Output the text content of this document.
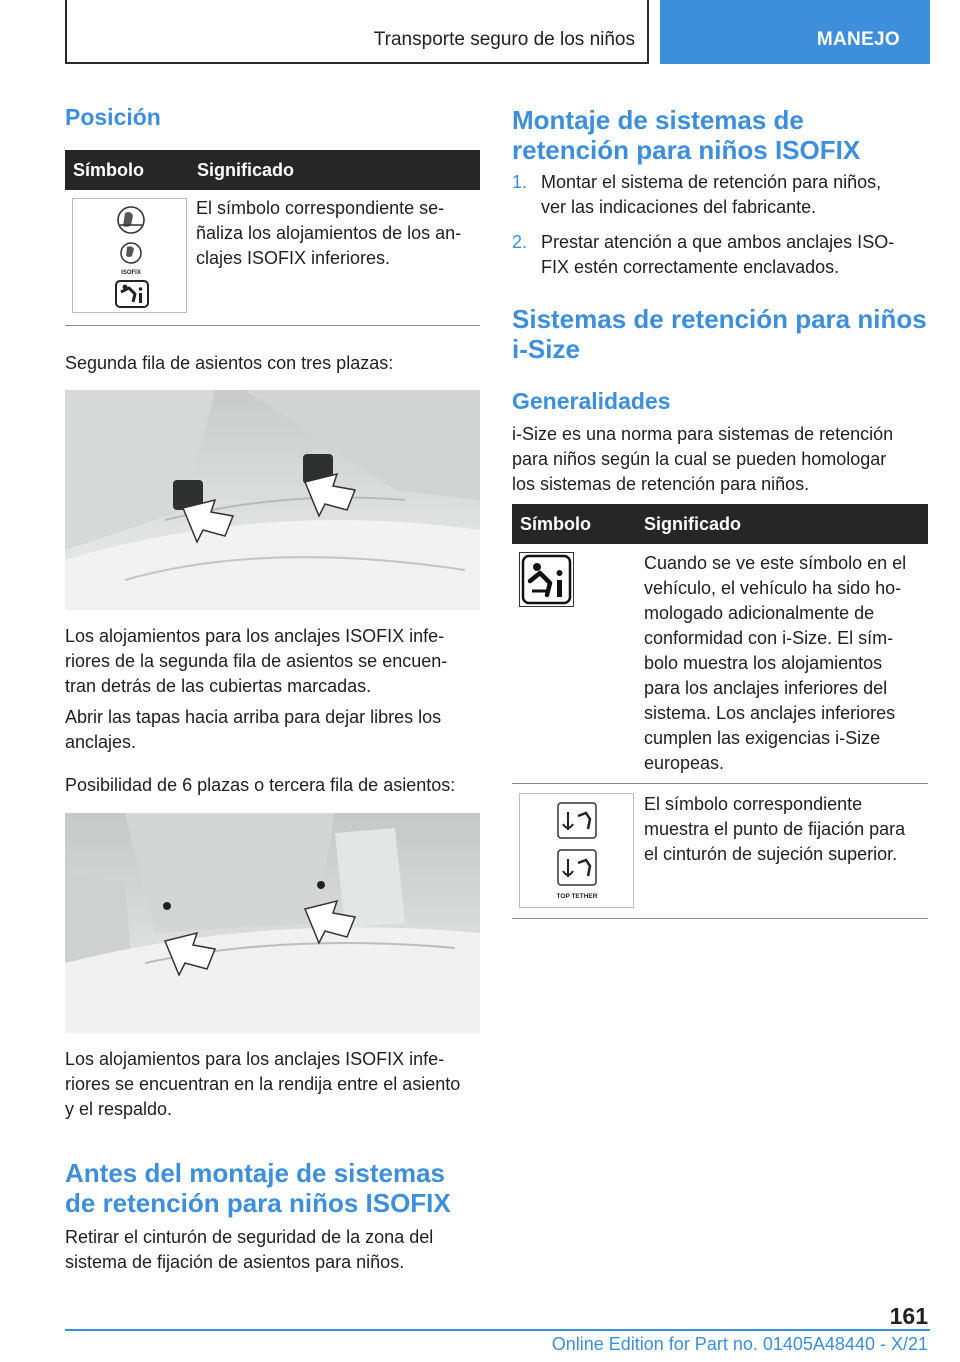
Transporte seguro de los niños	MANEJO
Posición
Símbolo	Significado
ISOFIX
El símbolo correspondiente se-
ñaliza los alojamientos de los an-
clajes ISOFIX inferiores.
Segunda fila de asientos con tres plazas:
Los alojamientos para los anclajes ISOFIX infe-
riores de la segunda fila de asientos se encuen-
tran detrás de las cubiertas marcadas.
Abrir las tapas hacia arriba para dejar libres los
anclajes.
Posibilidad de 6 plazas o tercera fila de asientos:
Los alojamientos para los anclajes ISOFIX infe-
riores se encuentran en la rendija entre el asiento
y el respaldo.
Antes del montaje de sistemas
de retención para niños ISOFIX
Retirar el cinturón de seguridad de la zona del
sistema de fijación de asientos para niños.
Montaje de sistemas de
retención para niños ISOFIX
1. Montar el sistema de retención para niños,
ver las indicaciones del fabricante.
2. Prestar atención a que ambos anclajes ISO-
FIX estén correctamente enclavados.
Sistemas de retención para niños
i-Size
Generalidades
i-Size es una norma para sistemas de retención
para niños según la cual se pueden homologar
los sistemas de retención para niños.
Símbolo	Significado
Cuando se ve este símbolo en el
vehículo, el vehículo ha sido ho-
mologado adicionalmente de
conformidad con i-Size. El sím-
bolo muestra los alojamientos
para los anclajes inferiores del
sistema. Los anclajes inferiores
cumplen las exigencias i-Size
europeas.
TOP TETHER
El símbolo correspondiente
muestra el punto de fijación para
el cinturón de sujeción superior.
161
Online Edition for Part no. 01405A48440 - X/21
